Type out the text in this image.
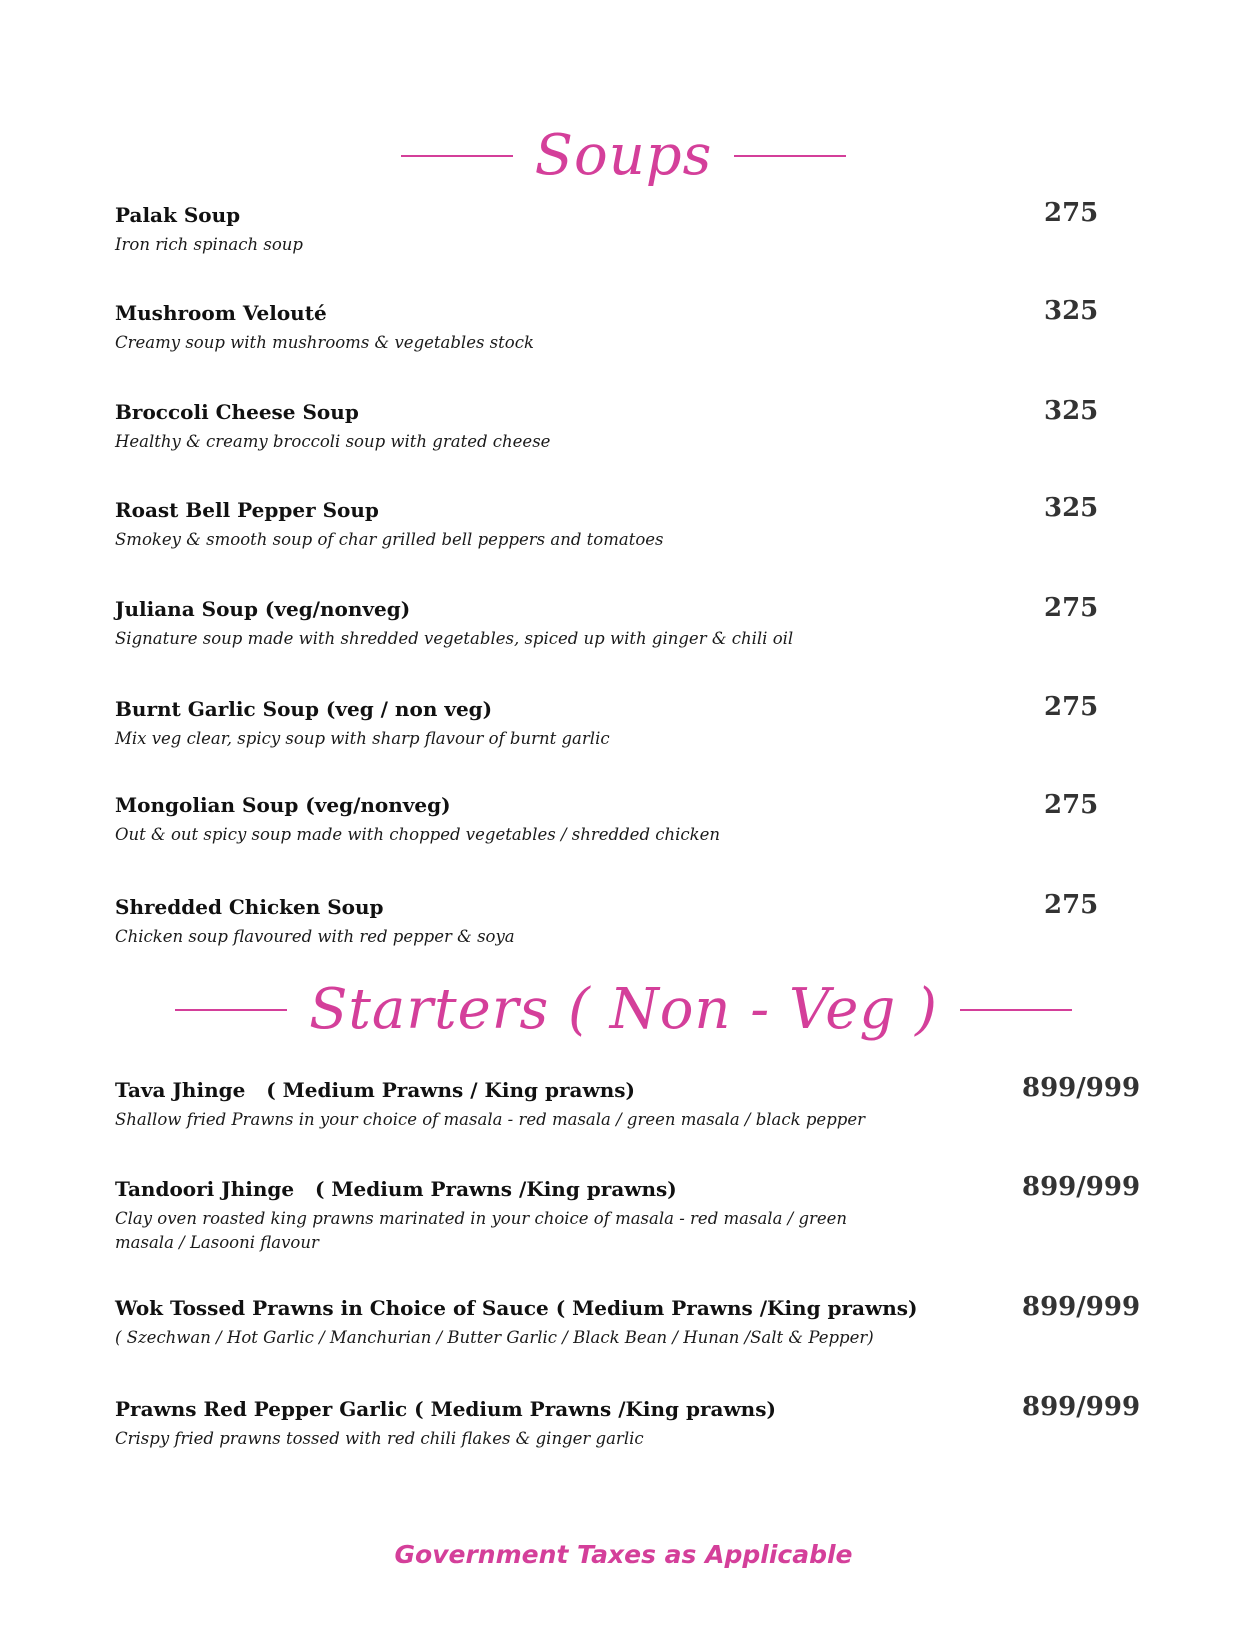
Soups
Palak Soup
Iron rich spinach soup
275
Mushroom Velouté
Creamy soup with mushrooms & vegetables stock
325
Broccoli Cheese Soup
Healthy & creamy broccoli soup with grated cheese
325
Roast Bell Pepper Soup
Smokey & smooth soup of char grilled bell peppers and tomatoes
325
Juliana Soup (veg/nonveg)
Signature soup made with shredded vegetables, spiced up with ginger & chili oil
275
Burnt Garlic Soup (veg / non veg)
Mix veg clear, spicy soup with sharp flavour of burnt garlic
275
Mongolian Soup (veg/nonveg)
Out & out spicy soup made with chopped vegetables / shredded chicken
275
Shredded Chicken Soup
Chicken soup flavoured with red pepper & soya
275
Starters ( Non - Veg )
Tava Jhinge   ( Medium Prawns / King prawns)
Shallow fried Prawns in your choice of masala - red masala / green masala / black pepper
899/999
Tandoori Jhinge   ( Medium Prawns /King prawns)
Clay oven roasted king prawns marinated in your choice of masala - red masala / green masala / Lasooni flavour
899/999
Wok Tossed Prawns in Choice of Sauce ( Medium Prawns /King prawns)
( Szechwan / Hot Garlic / Manchurian / Butter Garlic / Black Bean / Hunan /Salt & Pepper)
899/999
Prawns Red Pepper Garlic ( Medium Prawns /King prawns)
Crispy fried prawns tossed with red chili flakes & ginger garlic
899/999
Government Taxes as Applicable
